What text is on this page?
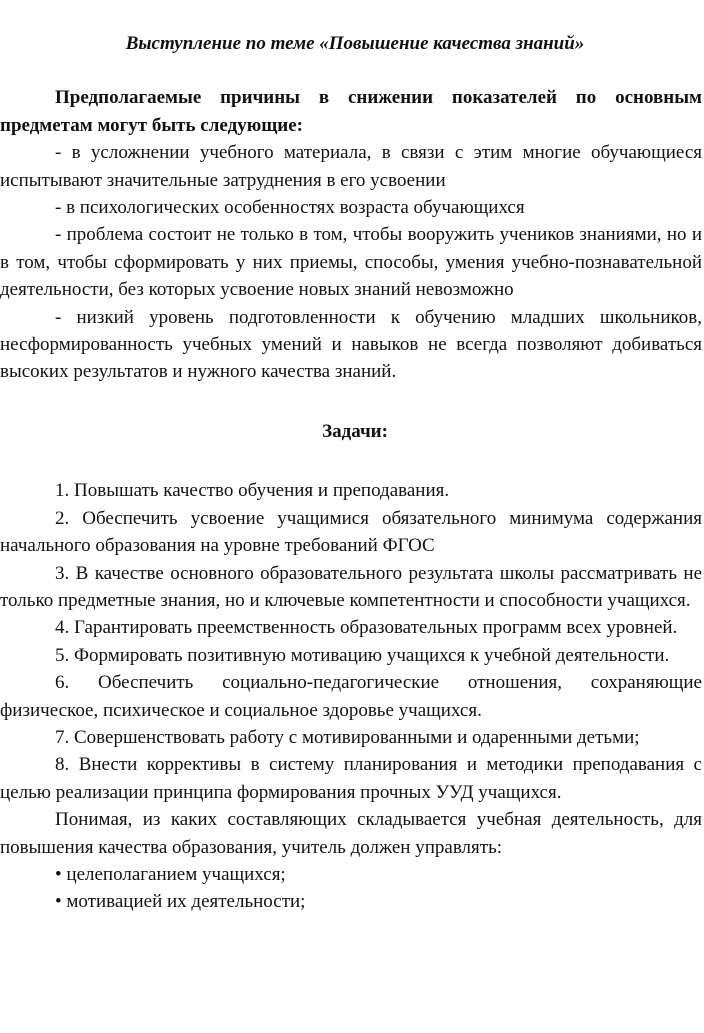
Выступление по теме «Повышение качества знаний»

Предполагаемые причины в снижении показателей по основным предметам могут быть следующие:

- в усложнении учебного материала, в связи с этим многие обучающиеся испытывают значительные затруднения в его усвоении

- в психологических особенностях возраста обучающихся

- проблема состоит не только в том, чтобы вооружить учеников знаниями, но и в том, чтобы сформировать у них приемы, способы, умения учебно-познавательной деятельности, без которых усвоение новых знаний невозможно

- низкий уровень подготовленности к обучению младших школьников, несформированность учебных умений и навыков не всегда позволяют добиваться высоких результатов и нужного качества знаний.

Задачи:

1. Повышать качество обучения и преподавания.

2. Обеспечить усвоение учащимися обязательного минимума содержания начального образования на уровне требований ФГОС

3. В качестве основного образовательного результата школы рассматривать не только предметные знания, но и ключевые компетентности и способности учащихся.

4. Гарантировать преемственность образовательных программ всех уровней.

5. Формировать позитивную мотивацию учащихся к учебной деятельности.

6. Обеспечить социально-педагогические отношения, сохраняющие физическое, психическое и социальное здоровье учащихся.

7. Совершенствовать работу с мотивированными и одаренными детьми;

8. Внести коррективы в систему планирования и методики преподавания с целью реализации принципа формирования прочных УУД учащихся.

Понимая, из каких составляющих складывается учебная деятельность, для повышения качества образования, учитель должен управлять:

• целеполаганием учащихся;

• мотивацией их деятельности;
